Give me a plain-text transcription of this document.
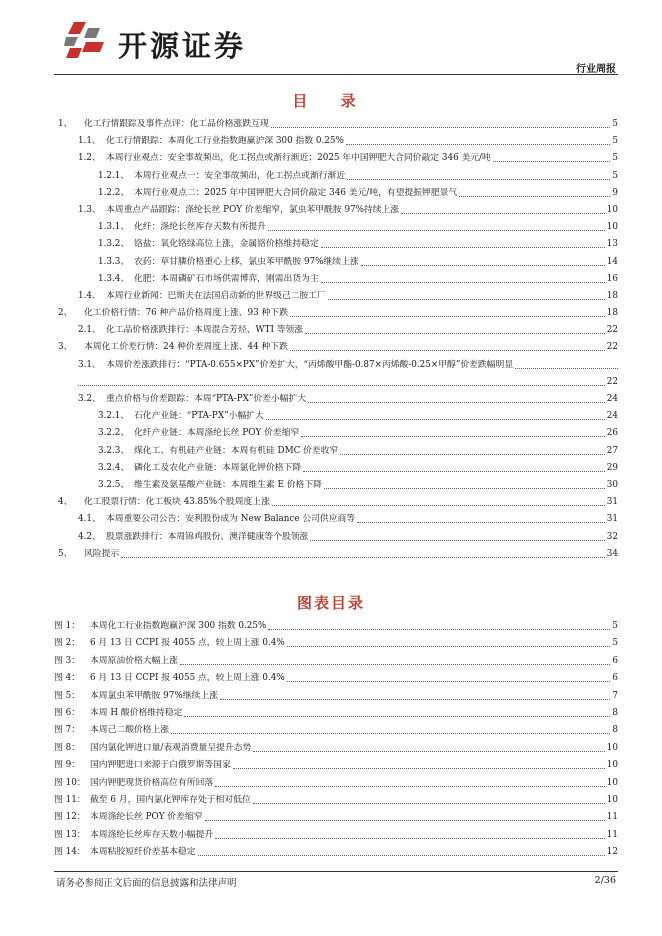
开源证券
行业周报
目 录
1、 化工行情跟踪及事件点评：化工品价格涨跌互现	5
1.1、 化工行情跟踪：本周化工行业指数跑赢沪深 300 指数 0.25%	5
1.2、 本周行业观点：安全事故频出，化工拐点或渐行渐近；2025 年中国钾肥大合同价敲定 346 美元/吨	5
1.2.1、 本周行业观点一：安全事故频出，化工拐点或渐行渐近	5
1.2.2、 本周行业观点二：2025 年中国钾肥大合同价敲定 346 美元/吨，有望提振钾肥景气	9
1.3、 本周重点产品跟踪：涤纶长丝 POY 价差缩窄，氯虫苯甲酰胺 97%持续上涨	10
1.3.1、 化纤：涤纶长丝库存天数有所提升	10
1.3.2、 铬盐：氧化铬绿高位上涨，金属铬价格维持稳定	13
1.3.3、 农药：草甘膦价格重心上移，氯虫苯甲酰胺 97%继续上涨	14
1.3.4、 化肥：本周磷矿石市场供需博弈，刚需出货为主	16
1.4、 本周行业新闻：巴斯夫在法国启动新的世界级己二胺工厂	18
2、 化工价格行情：76 种产品价格周度上涨、93 种下跌	18
2.1、 化工品价格涨跌排行：本周混合芳烃、WTI 等领涨	22
3、 本周化工价差行情：24 种价差周度上涨、44 种下跌	22
3.1、 本周价差涨跌排行：“PTA-0.655×PX”价差扩大，“丙烯酸甲酯-0.87×丙烯酸-0.25×甲醇”价差跌幅明显
22
3.2、 重点价格与价差跟踪：本周“PTA-PX”价差小幅扩大	24
3.2.1、 石化产业链：“PTA-PX”小幅扩大	24
3.2.2、 化纤产业链：本周涤纶长丝 POY 价差缩窄	26
3.2.3、 煤化工、有机硅产业链：本周有机硅 DMC 价差收窄	27
3.2.4、 磷化工及农化产业链：本周氯化钾价格下降	29
3.2.5、 维生素及氨基酸产业链：本周维生素 E 价格下降	30
4、 化工股票行情：化工板块 43.85%个股周度上涨	31
4.1、 本周重要公司公告：安利股份成为 New Balance 公司供应商等	31
4.2、 股票涨跌排行：本周锦鸡股份、澳洋健康等个股领涨	32
5、 风险提示	34
图表目录
图 1： 本周化工行业指数跑赢沪深 300 指数 0.25%	5
图 2： 6 月 13 日 CCPI 报 4055 点，较上周上涨 0.4%	5
图 3： 本周原油价格大幅上涨	6
图 4： 6 月 13 日 CCPI 报 4055 点，较上周上涨 0.4%	6
图 5： 本周氯虫苯甲酰胺 97%继续上涨	7
图 6： 本周 H 酸价格维持稳定	8
图 7： 本周己二酸价格上涨	8
图 8： 国内氯化钾进口量/表观消费量呈提升态势	10
图 9： 国内钾肥进口来源于白俄罗斯等国家	10
图 10： 国内钾肥现货价格高位有所回落	10
图 11： 截至 6 月，国内氯化钾库存处于相对低位	10
图 12： 本周涤纶长丝 POY 价差缩窄	11
图 13： 本周涤纶长丝库存天数小幅提升	11
图 14： 本周粘胶短纤价差基本稳定	12
请务必参阅正文后面的信息披露和法律声明	2/36
